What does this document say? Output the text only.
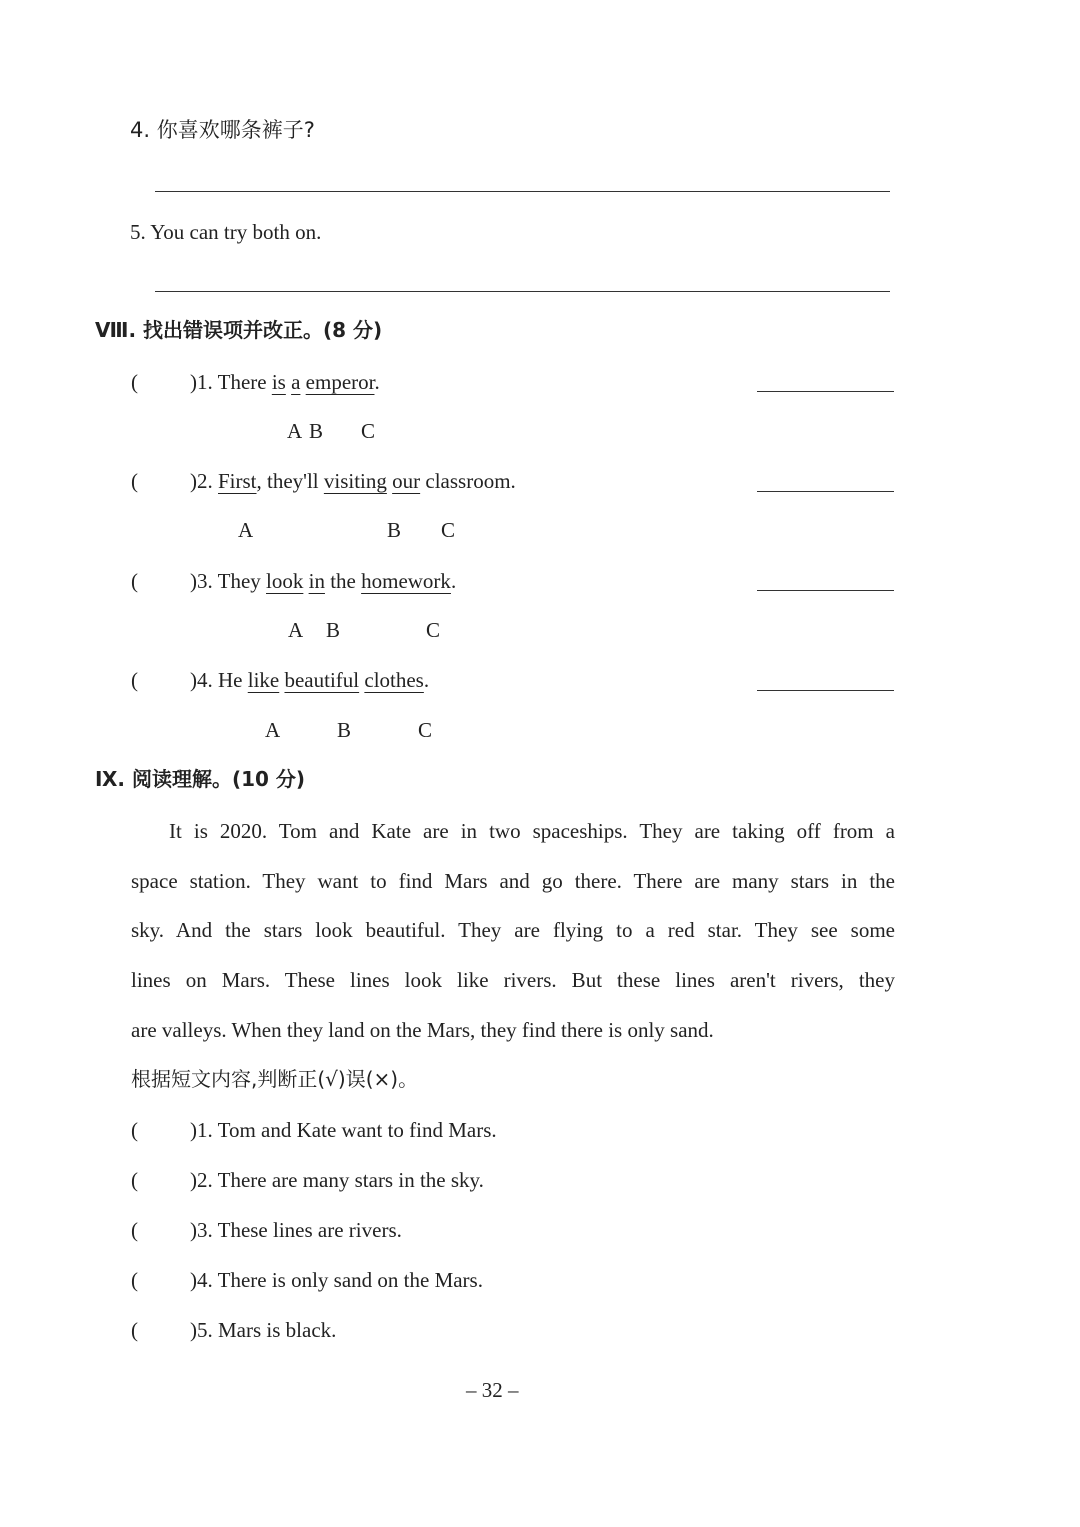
4. 你喜欢哪条裤子?
5. You can try both on.
Ⅷ. 找出错误项并改正。(8 分)
( )1. There is a emperor.
A B C
( )2. First, they'll visiting our classroom.
A	B C
( )3. They look in the homework.
A B	C
( )4. He like beautiful clothes.
A	B	C
Ⅸ. 阅读理解。(10 分)
It is 2020. Tom and Kate are in two spaceships. They are taking off from a
space station. They want to find Mars and go there. There are many stars in the
sky. And the stars look beautiful. They are flying to a red star. They see some
lines on Mars. These lines look like rivers. But these lines aren't rivers, they
are valleys. When they land on the Mars, they find there is only sand.
根据短文内容,判断正(√)误(×)。
( )1. Tom and Kate want to find Mars.
( )2. There are many stars in the sky.
( )3. These lines are rivers.
( )4. There is only sand on the Mars.
( )5. Mars is black.
– 32 –
